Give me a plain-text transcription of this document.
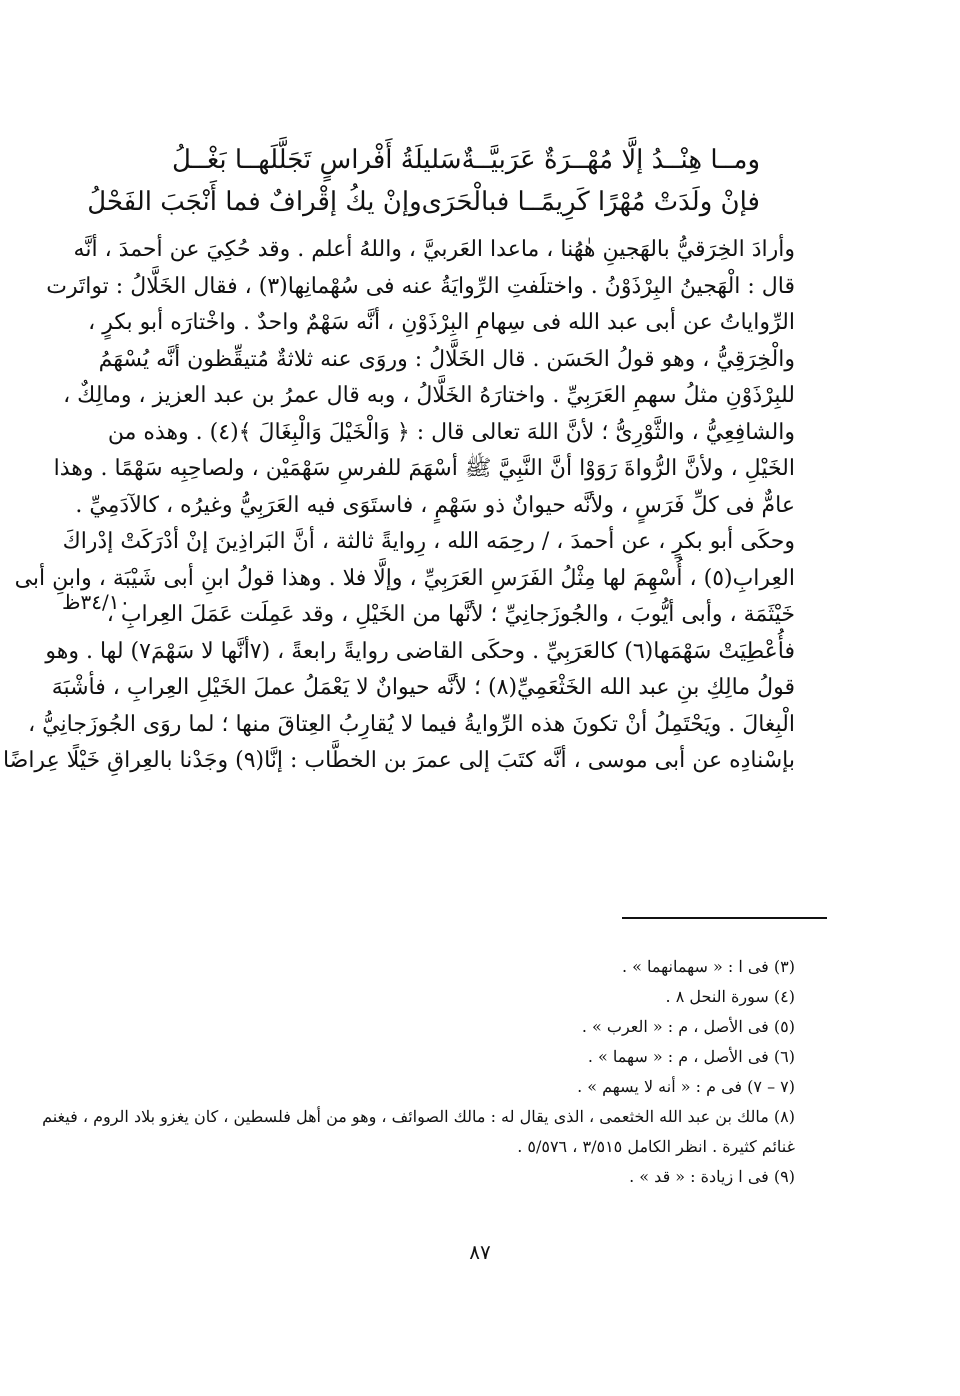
ومــا هِنْــدُ إلَّا مُهْــرَةٌ عَرَبيَّــةٌ
سَليلَةُ أَفْراسٍ تَجَلَّلَهــا بَغْــلُ
فإنْ ولَدَتْ مُهْرًا كَرِيمًــا فبالْحَرَى
وإنْ يكُ إقْرافٌ فما أَنْجَبَ الفَحْلُ
وأرادَ الخِرَقيُّ بالهَجينِ هٰهُنا ، ماعدا العَربيَّ ، واللهُ أعلم . وقد حُكِيَ عن أحمدَ ، أنَّه
قال : الْهَجينُ البِرْذَوْنُ . واختلَفتِ الرِّوايَةُ عنه فى سُهْمانِها(٣) ، فقال الخَلَّالُ : تواتَرت
الرِّواياتُ عن أبى عبد الله فى سِهامِ البِرْذَوْنِ ، أنَّه سَهْمٌ واحدٌ . واخْتارَه أبو بكرٍ ،
والْخِرَقِيُّ ، وهو قولُ الحَسَن . قال الخَلَّالُ : وروَى عنه ثلاثةٌ مُتيقِّظون أنَّه يُسْهَمُ
للبِرْذَوْنِ مثلُ سهمِ العَرَبِيِّ . واختارَهُ الخَلَّالُ ، وبه قال عمرُ بن عبد العزيز ، ومالِكٌ ،
والشافِعِيُّ ، والثَّوْرِىُّ ؛ لأنَّ اللهَ تعالى قال : ﴿ وَالْخَيْلَ وَالْبِغَالَ ﴾(٤) . وهذه من
الخَيْلِ ، ولأنَّ الرُّواةَ رَوَوْا أنَّ النَّبِيَّ ﷺ أسْهَمَ للفرسِ سَهْمَيْن ، ولصاحِبِه سَهْمًا . وهذا
عامٌّ فى كلِّ فَرَسٍ ، ولأنَّه حيوانٌ ذو سَهْمٍ ، فاستَوَى فيه العَرَبِيُّ وغيرُه ، كالآدَمِيِّ .
وحكَى أبو بكرٍ ، عن أحمدَ ، / رحِمَه الله ، رِوايةً ثالثة ، أنَّ البَراذِينَ إنْ أدْرَكَتْ إدْراكَ
العِرابِ(٥) ، أُسْهِمَ لها مِثْلُ الفَرَسِ العَرَبِيِّ ، وإلَّا فلا . وهذا قولُ ابنِ أبى شَيْبَة ، وابنِ أبى
خَيْثَمَة ، وأبى أيُّوبَ ، والجُوزَجانِيِّ ؛ لأنَّها من الخَيْلِ ، وقد عَمِلَت عَمَلَ العِرابِ ،
فأُعْطِيَتْ سَهْمَها(٦) كالعَرَبِيِّ . وحكَى القاضى روايةً رابعةً ، (٧أنَّها لا سَهْمَ٧) لها . وهو
قولُ مالِكِ بنِ عبد الله الخَثْعَمِيِّ(٨) ؛ لأنَّه حيوانٌ لا يَعْمَلُ عملَ الخَيْلِ العِرابِ ، فأشْبَهَ
الْبِغالَ . ويَحْتَمِلُ أنْ تكونَ هذه الرِّوايةُ فيما لا يُقارِبُ العِتاقَ منها ؛ لما روَى الجُوزَجانِيُّ ،
بإسْنادِه عن أبى موسى ، أنَّه كتَبَ إلى عمرَ بن الخطَّاب : إنَّا(٩) وجَدْنا بالعِراقِ خَيْلًا عِراضًا
٣٤/١٠ظ
(٣) فى ا : « سهمانهما » .
(٤) سورة النحل ٨ .
(٥) فى الأصل ، م : « العرب » .
(٦) فى الأصل ، م : « سهما » .
(٧ – ٧) فى م : « أنه لا يسهم » .
(٨) مالك بن عبد الله الخثعمى ، الذى يقال له : مالك الصوائف ، وهو من أهل فلسطين ، كان يغزو بلاد الروم ، فيغنم
غنائم كثيرة . انظر الكامل ٣/٥١٥ ، ٥/٥٧٦ .
(٩) فى ا زيادة : « قد » .
٨٧
